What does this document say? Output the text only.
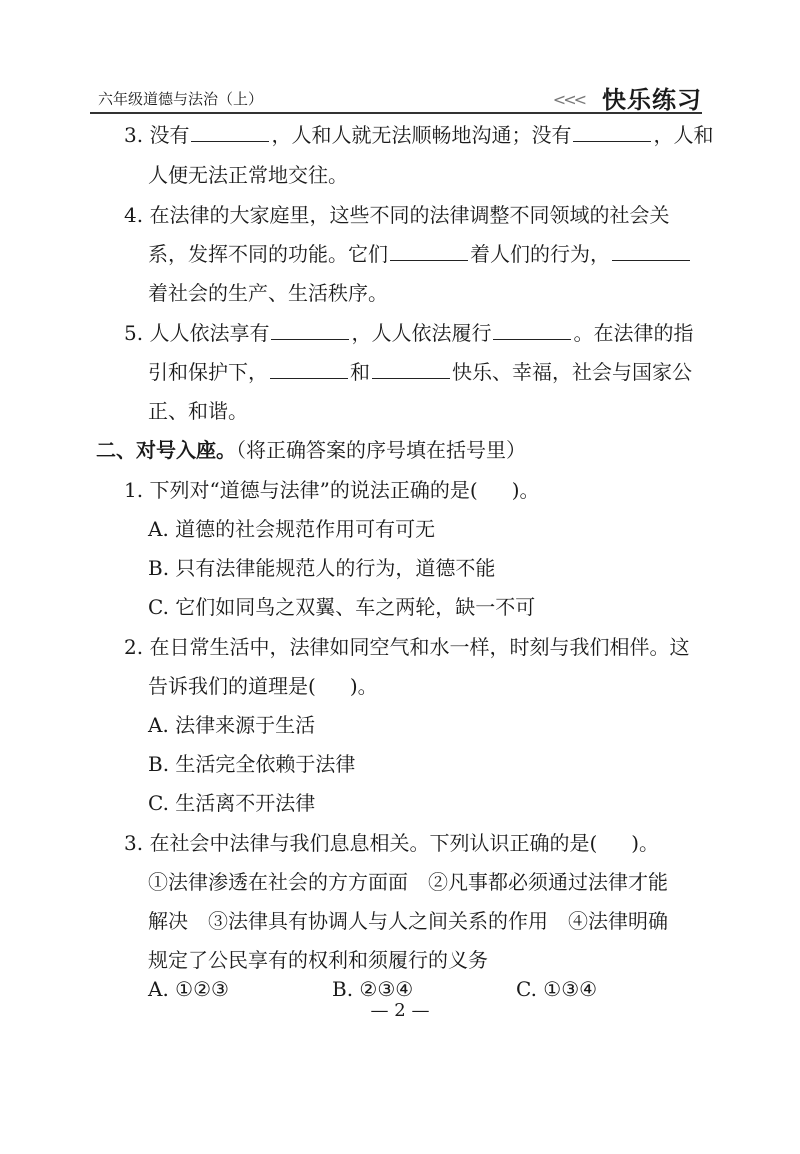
六年级道德与法治（上）	<<< 快乐练习
3. 没有	，人和人就无法顺畅地沟通；没有	，人和
人便无法正常地交往。
4. 在法律的大家庭里，这些不同的法律调整不同领域的社会关
系，发挥不同的功能。它们	着人们的行为，
着社会的生产、生活秩序。
5. 人人依法享有	，人人依法履行	。在法律的指
引和保护下，	和	快乐、幸福，社会与国家公
正、和谐。
二、对号入座。（将正确答案的序号填在括号里）
1. 下列对“道德与法律”的说法正确的是( )。
A. 道德的社会规范作用可有可无
B. 只有法律能规范人的行为，道德不能
C. 它们如同鸟之双翼、车之两轮，缺一不可
2. 在日常生活中，法律如同空气和水一样，时刻与我们相伴。这
告诉我们的道理是( )。
A. 法律来源于生活
B. 生活完全依赖于法律
C. 生活离不开法律
3. 在社会中法律与我们息息相关。下列认识正确的是( )。
①法律渗透在社会的方方面面　②凡事都必须通过法律才能
解决　③法律具有协调人与人之间关系的作用　④法律明确
规定了公民享有的权利和须履行的义务
A. ①②③	B. ②③④	C. ①③④
— 2 —
